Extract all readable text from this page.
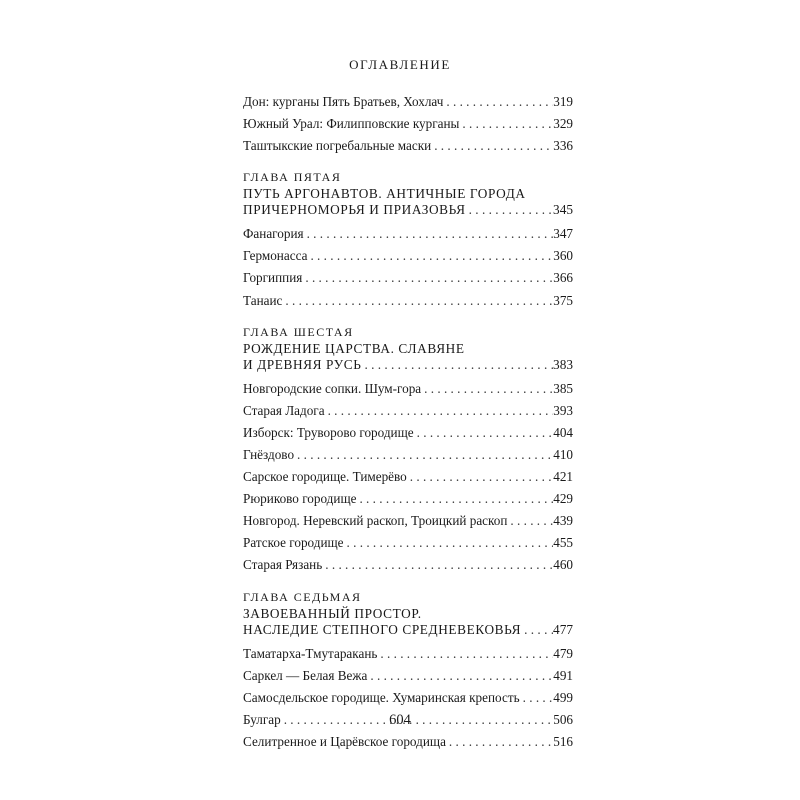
ОГЛАВЛЕНИЕ
Дон: курганы Пять Братьев, Хохлач . . .	319
Южный Урал: Филипповские курганы . . .	329
Таштыкские погребальные маски . . .	336
ГЛАВА ПЯТАЯ
ПУТЬ АРГОНАВТОВ. АНТИЧНЫЕ ГОРОДА
ПРИЧЕРНОМОРЬЯ И ПРИАЗОВЬЯ . . .	345
Фанагория . . .	347
Гермонасса . . .	360
Горгиппия . . .	366
Танаис . . .	375
ГЛАВА ШЕСТАЯ
РОЖДЕНИЕ ЦАРСТВА. СЛАВЯНЕ
И ДРЕВНЯЯ РУСЬ . . .	383
Новгородские сопки. Шум-гора . . .	385
Старая Ладога . . .	393
Изборск: Труворово городище . . .	404
Гнёздово . . .	410
Сарское городище. Тимерёво . . .	421
Рюриково городище . . .	429
Новгород. Неревский раскоп, Троицкий раскоп . . .	439
Ратское городище . . .	455
Старая Рязань . . .	460
ГЛАВА СЕДЬМАЯ
ЗАВОЕВАННЫЙ ПРОСТОР.
НАСЛЕДИЕ СТЕПНОГО СРЕДНЕВЕКОВЬЯ . . . 477
Таматарха-Тмутаракань . . .	479
Саркел — Белая Вежа . . .	491
Самосдельское городище. Хумаринская крепость . . .	499
Булгар . . .	506
Селитренное и Царёвское городища . . .	516
604
